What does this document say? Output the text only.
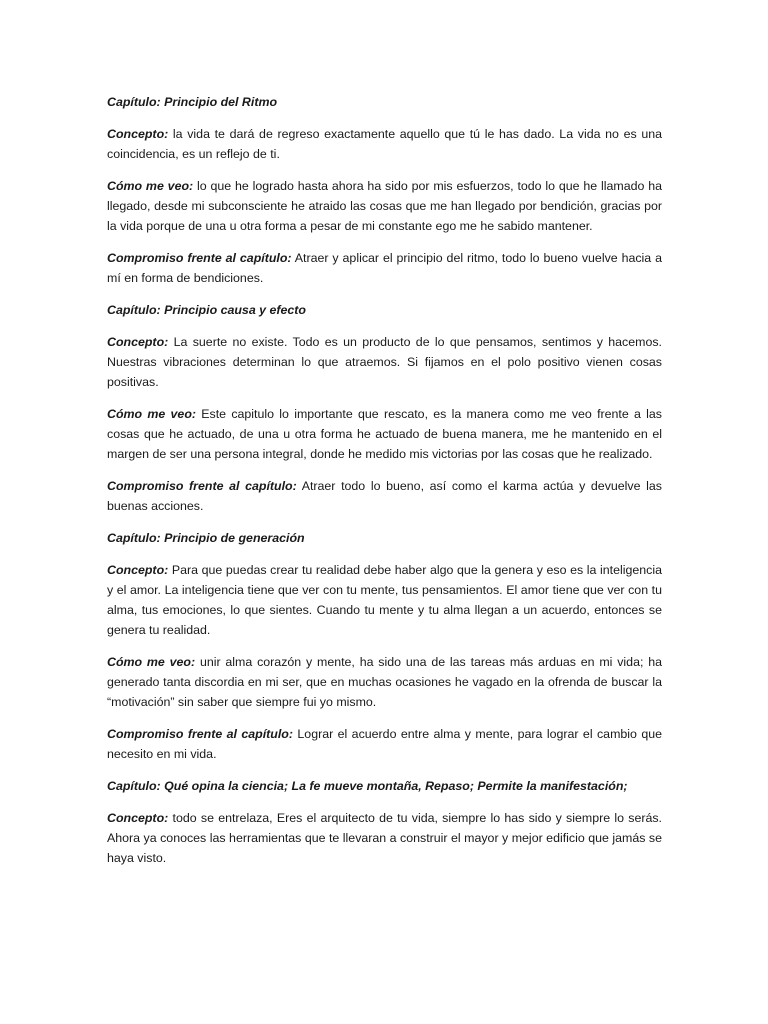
Capítulo: Principio del Ritmo

Concepto: la vida te dará de regreso exactamente aquello que tú le has dado. La vida no es una coincidencia, es un reflejo de ti.

Cómo me veo: lo que he logrado hasta ahora ha sido por mis esfuerzos, todo lo que he llamado ha llegado, desde mi subconsciente he atraido las cosas que me han llegado por bendición, gracias por la vida porque de una u otra forma a pesar de mi constante ego me he sabido mantener.

Compromiso frente al capítulo: Atraer y aplicar el principio del ritmo, todo lo bueno vuelve hacia a mí en forma de bendiciones.

Capítulo: Principio causa y efecto

Concepto: La suerte no existe. Todo es un producto de lo que pensamos, sentimos y hacemos. Nuestras vibraciones determinan lo que atraemos. Si fijamos en el polo positivo vienen cosas positivas.

Cómo me veo: Este capitulo lo importante que rescato, es la manera como me veo frente a las cosas que he actuado, de una u otra forma he actuado de buena manera, me he mantenido en el margen de ser una persona integral, donde he medido mis victorias por las cosas que he realizado.

Compromiso frente al capítulo: Atraer todo lo bueno, así como el karma actúa y devuelve las buenas acciones.

Capítulo: Principio de generación

Concepto: Para que puedas crear tu realidad debe haber algo que la genera y eso es la inteligencia y el amor. La inteligencia tiene que ver con tu mente, tus pensamientos. El amor tiene que ver con tu alma, tus emociones, lo que sientes. Cuando tu mente y tu alma llegan a un acuerdo, entonces se genera tu realidad.

Cómo me veo: unir alma corazón y mente, ha sido una de las tareas más arduas en mi vida; ha generado tanta discordia en mi ser, que en muchas ocasiones he vagado en la ofrenda de buscar la “motivación” sin saber que siempre fui yo mismo.

Compromiso frente al capítulo: Lograr el acuerdo entre alma y mente, para lograr el cambio que necesito en mi vida.

Capítulo: Qué opina la ciencia; La fe mueve montaña, Repaso; Permite la manifestación;

Concepto: todo se entrelaza, Eres el arquitecto de tu vida, siempre lo has sido y siempre lo serás. Ahora ya conoces las herramientas que te llevaran a construir el mayor y mejor edificio que jamás se haya visto.
